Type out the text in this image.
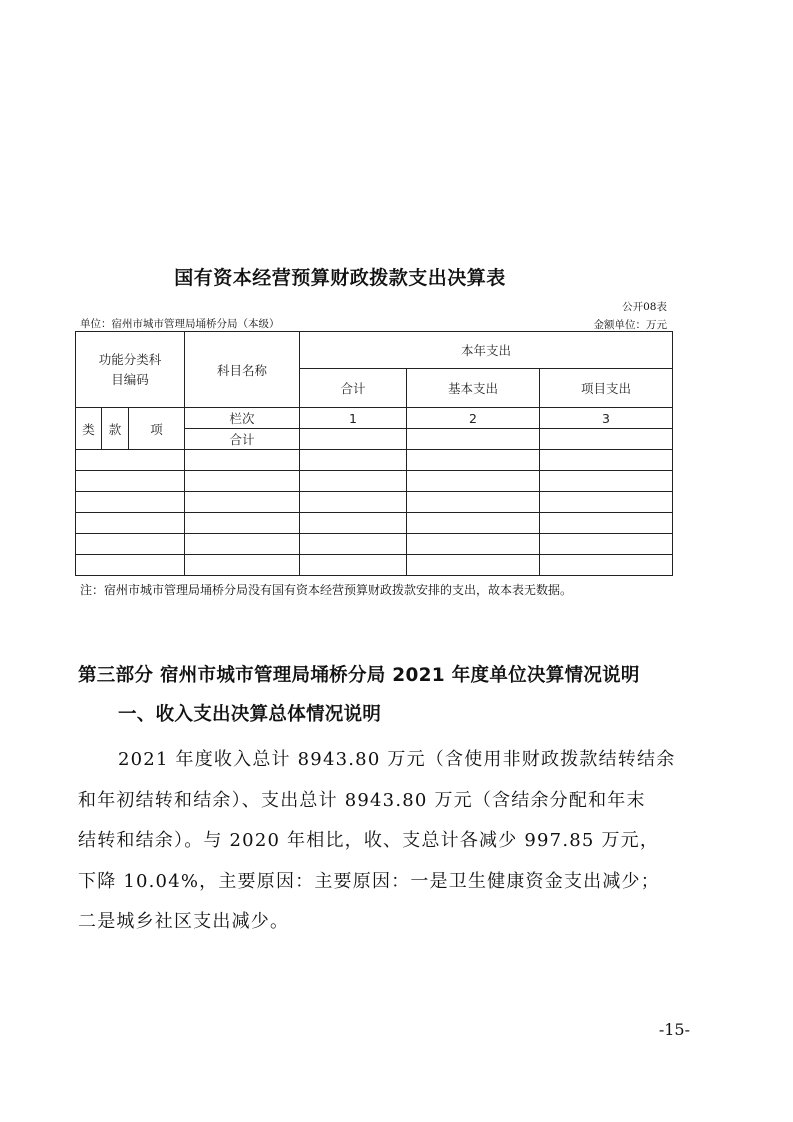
国有资本经营预算财政拨款支出决算表
公开08表
单位：宿州市城市管理局埇桥分局（本级）	金额单位：万元
功能分类科目编码			科目名称	本年支出		
				合计	基本支出	项目支出
类	款	项	栏次	1	2	3
			合计			

注：宿州市城市管理局埇桥分局没有国有资本经营预算财政拨款安排的支出，故本表无数据。
第三部分 宿州市城市管理局埇桥分局 2021 年度单位决算情况说明
一、收入支出决算总体情况说明
2021 年度收入总计 8943.80 万元（含使用非财政拨款结转结余
和年初结转和结余）、支出总计 8943.80 万元（含结余分配和年末
结转和结余）。与 2020 年相比，收、支总计各减少 997.85 万元，
下降 10.04%，主要原因：主要原因：一是卫生健康资金支出减少；
二是城乡社区支出减少。
-15-
